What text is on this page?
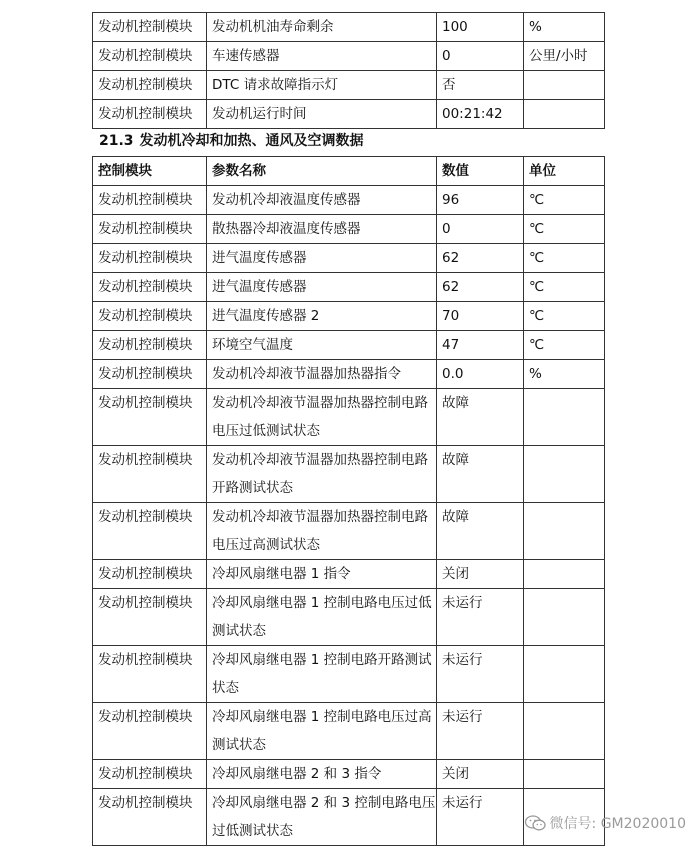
发动机控制模块	发动机机油寿命剩余	100	%
发动机控制模块	车速传感器	0	公里/小时
发动机控制模块	DTC 请求故障指示灯	否	
发动机控制模块	发动机运行时间	00:21:42	
21.3 发动机冷却和加热、通风及空调数据
控制模块	参数名称	数值	单位
发动机控制模块	发动机冷却液温度传感器	96	℃
发动机控制模块	散热器冷却液温度传感器	0	℃
发动机控制模块	进气温度传感器	62	℃
发动机控制模块	进气温度传感器	62	℃
发动机控制模块	进气温度传感器 2	70	℃
发动机控制模块	环境空气温度	47	℃
发动机控制模块	发动机冷却液节温器加热器指令	0.0	%
发动机控制模块	发动机冷却液节温器加热器控制电路电压过低测试状态	故障	
发动机控制模块	发动机冷却液节温器加热器控制电路开路测试状态	故障	
发动机控制模块	发动机冷却液节温器加热器控制电路电压过高测试状态	故障	
发动机控制模块	冷却风扇继电器 1 指令	关闭	
发动机控制模块	冷却风扇继电器 1 控制电路电压过低测试状态	未运行	
发动机控制模块	冷却风扇继电器 1 控制电路开路测试状态	未运行	
发动机控制模块	冷却风扇继电器 1 控制电路电压过高测试状态	未运行	
发动机控制模块	冷却风扇继电器 2 和 3 指令	关闭	
发动机控制模块	冷却风扇继电器 2 和 3 控制电路电压过低测试状态	未运行	
微信号: GM2020010
